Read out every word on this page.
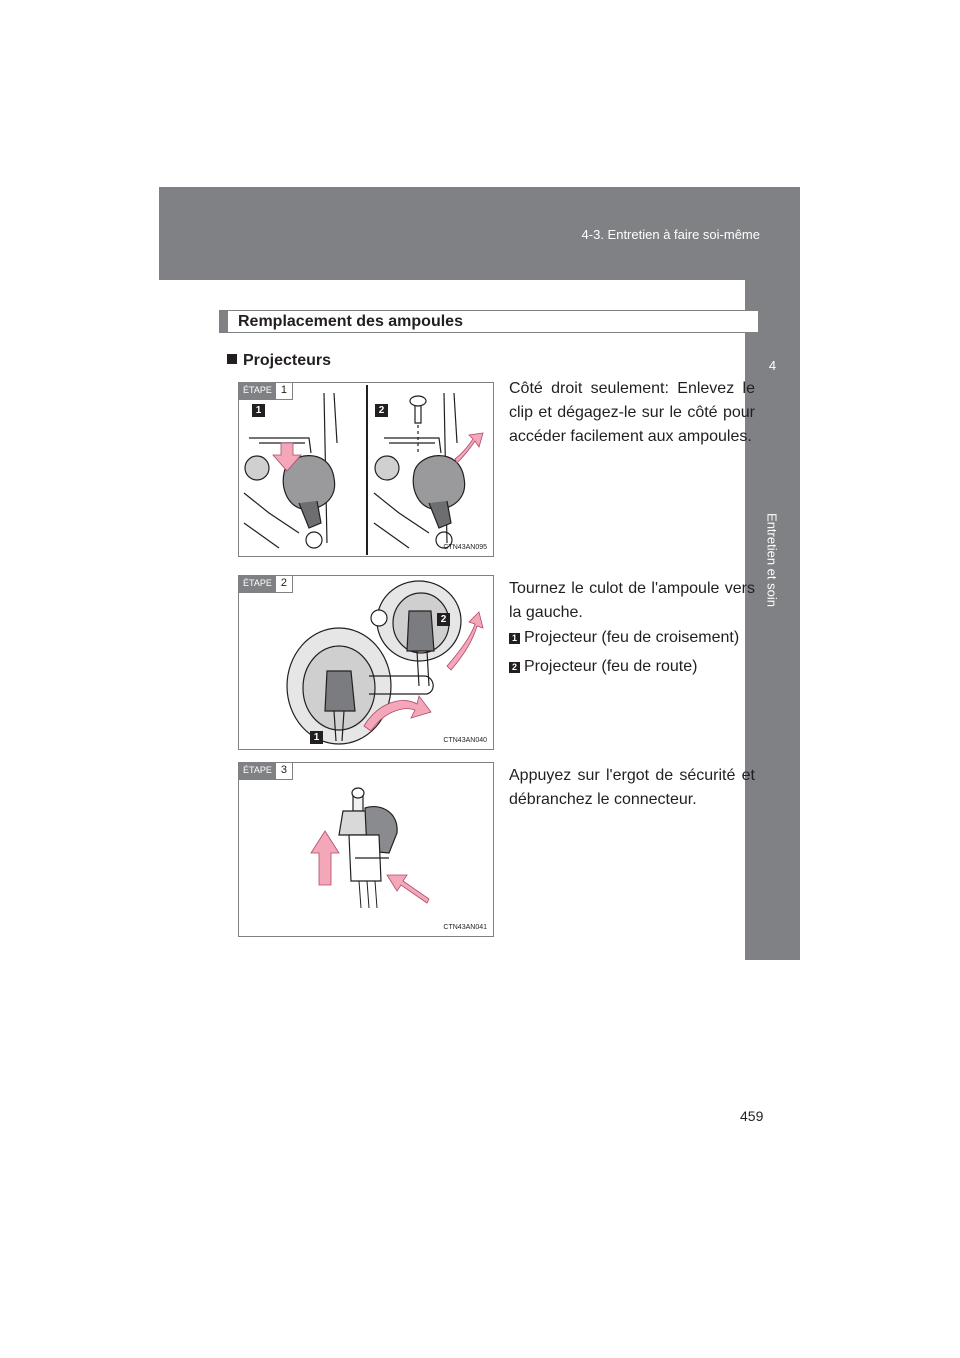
4-3. Entretien à faire soi-même
4
Entretien et soin
Remplacement des ampoules
Projecteurs
ÉTAPE 1
1	2
CTN43AN095
Côté droit seulement: Enlevez le clip et dégagez-le sur le côté pour accéder facilement aux ampoules.
ÉTAPE 2
1
2
CTN43AN040
Tournez le culot de l'ampoule vers la gauche.
1 Projecteur (feu de croisement)
2 Projecteur (feu de route)
ÉTAPE 3
CTN43AN041
Appuyez sur l'ergot de sécurité et débranchez le connecteur.
459
